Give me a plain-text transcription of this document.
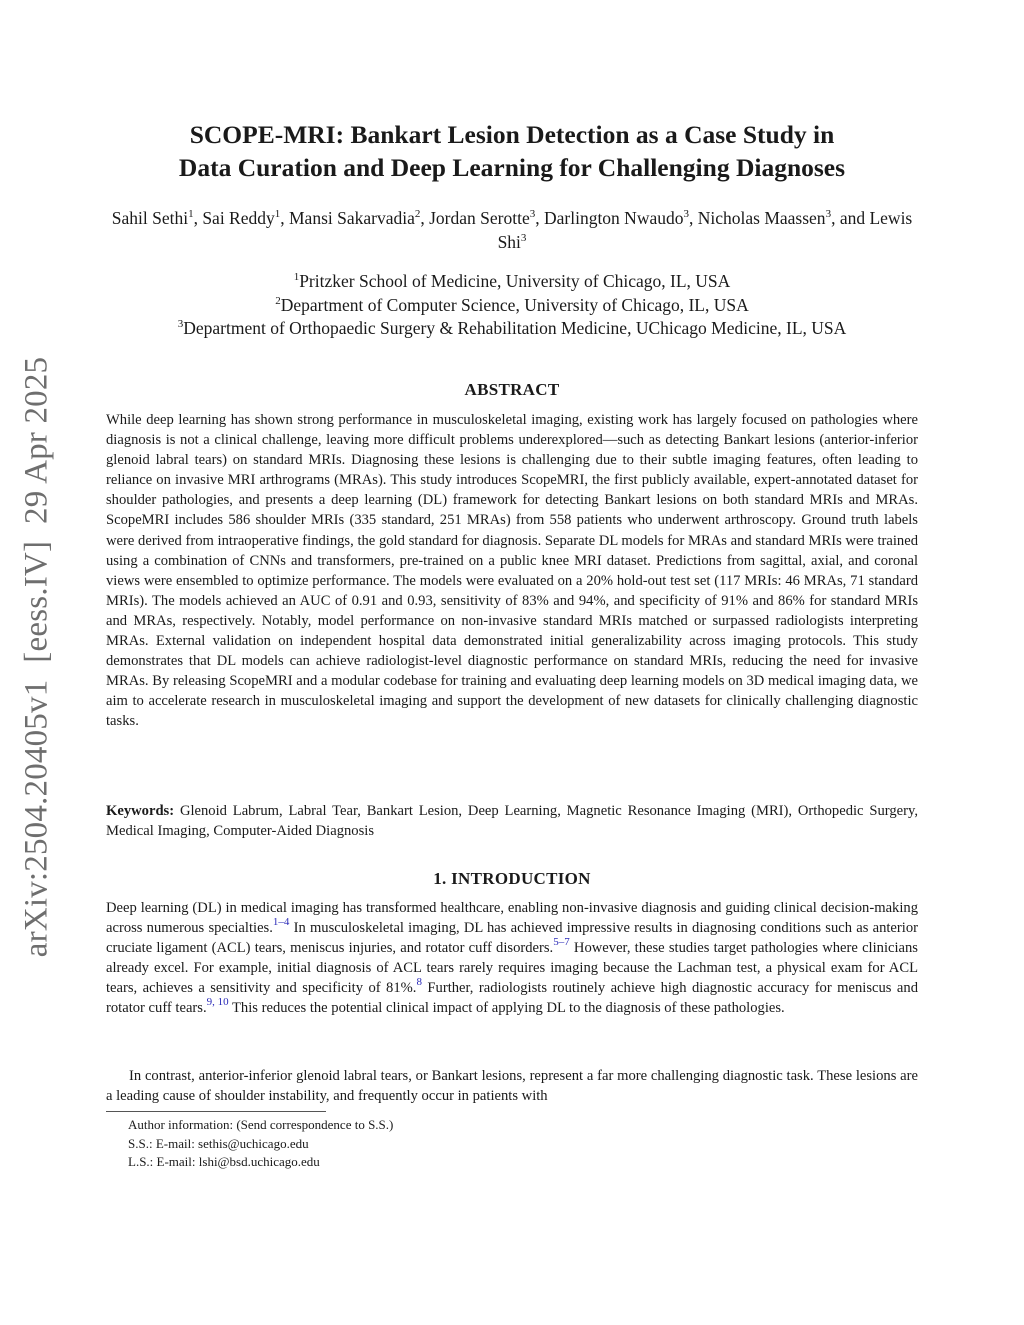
arXiv:2504.20405v1  [eess.IV]  29 Apr 2025
SCOPE-MRI: Bankart Lesion Detection as a Case Study in
Data Curation and Deep Learning for Challenging Diagnoses
Sahil Sethi$^1$, Sai Reddy$^1$, Mansi Sakarvadia$^2$, Jordan Serotte$^3$, Darlington Nwaudo$^3$, Nicholas Maassen$^3$, and Lewis Shi$^3$
$^1$Pritzker School of Medicine, University of Chicago, IL, USA
$^2$Department of Computer Science, University of Chicago, IL, USA
$^3$Department of Orthopaedic Surgery & Rehabilitation Medicine, UChicago Medicine, IL, USA
ABSTRACT
While deep learning has shown strong performance in musculoskeletal imaging, existing work has largely focused on pathologies where diagnosis is not a clinical challenge, leaving more difficult problems underexplored—such as detecting Bankart lesions (anterior-inferior glenoid labral tears) on standard MRIs. Diagnosing these lesions is challenging due to their subtle imaging features, often leading to reliance on invasive MRI arthrograms (MRAs). This study introduces ScopeMRI, the first publicly available, expert-annotated dataset for shoulder pathologies, and presents a deep learning (DL) framework for detecting Bankart lesions on both standard MRIs and MRAs. ScopeMRI includes 586 shoulder MRIs (335 standard, 251 MRAs) from 558 patients who underwent arthroscopy. Ground truth labels were derived from intraoperative findings, the gold standard for diagnosis. Separate DL models for MRAs and standard MRIs were trained using a combination of CNNs and transformers, pre-trained on a public knee MRI dataset. Predictions from sagittal, axial, and coronal views were ensembled to optimize performance. The models were evaluated on a 20% hold-out test set (117 MRIs: 46 MRAs, 71 standard MRIs). The models achieved an AUC of 0.91 and 0.93, sensitivity of 83% and 94%, and specificity of 91% and 86% for standard MRIs and MRAs, respectively. Notably, model performance on non-invasive standard MRIs matched or surpassed radiologists interpreting MRAs. External validation on independent hospital data demonstrated initial generalizability across imaging protocols. This study demonstrates that DL models can achieve radiologist-level diagnostic performance on standard MRIs, reducing the need for invasive MRAs. By releasing ScopeMRI and a modular codebase for training and evaluating deep learning models on 3D medical imaging data, we aim to accelerate research in musculoskeletal imaging and support the development of new datasets for clinically challenging diagnostic tasks.
Keywords: Glenoid Labrum, Labral Tear, Bankart Lesion, Deep Learning, Magnetic Resonance Imaging (MRI), Orthopedic Surgery, Medical Imaging, Computer-Aided Diagnosis
1. INTRODUCTION
Deep learning (DL) in medical imaging has transformed healthcare, enabling non-invasive diagnosis and guiding clinical decision-making across numerous specialties.$^{1-4}$ In musculoskeletal imaging, DL has achieved impressive results in diagnosing conditions such as anterior cruciate ligament (ACL) tears, meniscus injuries, and rotator cuff disorders.$^{5-7}$ However, these studies target pathologies where clinicians already excel. For example, initial diagnosis of ACL tears rarely requires imaging because the Lachman test, a physical exam for ACL tears, achieves a sensitivity and specificity of 81%.$^8$ Further, radiologists routinely achieve high diagnostic accuracy for meniscus and rotator cuff tears.$^{9, 10}$ This reduces the potential clinical impact of applying DL to the diagnosis of these pathologies.
In contrast, anterior-inferior glenoid labral tears, or Bankart lesions, represent a far more challenging diagnostic task. These lesions are a leading cause of shoulder instability, and frequently occur in patients with
Author information: (Send correspondence to S.S.)
S.S.: E-mail: sethis@uchicago.edu
L.S.: E-mail: lshi@bsd.uchicago.edu
